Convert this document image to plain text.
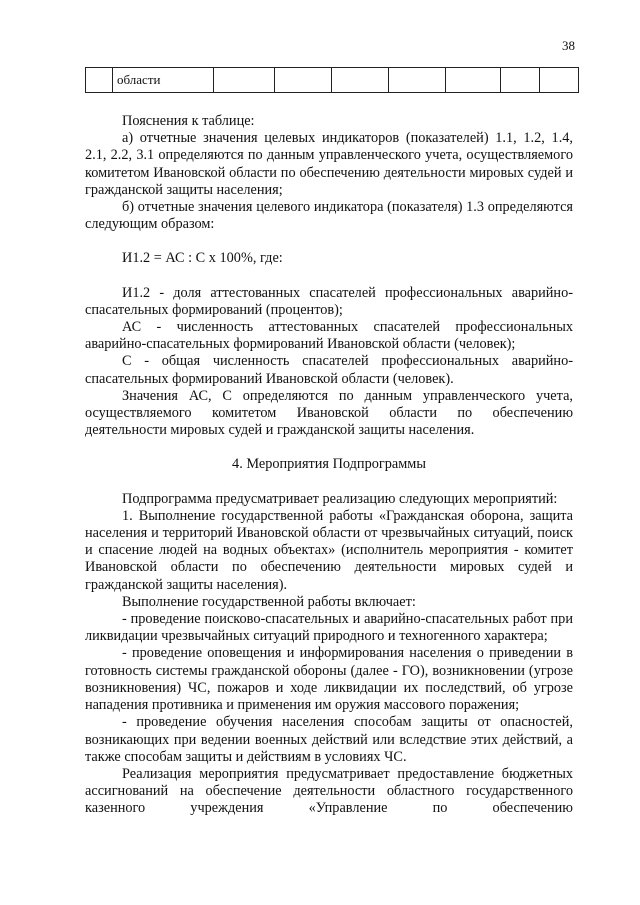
38
	области							

Пояснения к таблице:

а) отчетные значения целевых индикаторов (показателей) 1.1, 1.2, 1.4, 2.1, 2.2, 3.1 определяются по данным управленческого учета, осуществляемого комитетом Ивановской области по обеспечению деятельности мировых судей и гражданской защиты населения;

б) отчетные значения целевого индикатора (показателя) 1.3 определяются следующим образом:

И1.2 = АС : С х 100%, где:

И1.2 - доля аттестованных спасателей профессиональных аварийно-спасательных формирований (процентов);

АС - численность аттестованных спасателей профессиональных аварийно-спасательных формирований Ивановской области (человек);

С - общая численность спасателей профессиональных аварийно-спасательных формирований Ивановской области (человек).

Значения АС, С определяются по данным управленческого учета, осуществляемого комитетом Ивановской области по обеспечению деятельности мировых судей и гражданской защиты населения.

4. Мероприятия Подпрограммы

Подпрограмма предусматривает реализацию следующих мероприятий:

1. Выполнение государственной работы «Гражданская оборона, защита населения и территорий Ивановской области от чрезвычайных ситуаций, поиск и спасение людей на водных объектах» (исполнитель мероприятия - комитет Ивановской области по обеспечению деятельности мировых судей и гражданской защиты населения).

Выполнение государственной работы включает:

- проведение поисково-спасательных и аварийно-спасательных работ при ликвидации чрезвычайных ситуаций природного и техногенного характера;

- проведение оповещения и информирования населения о приведении в готовность системы гражданской обороны (далее - ГО), возникновении (угрозе возникновения) ЧС, пожаров и ходе ликвидации их последствий, об угрозе нападения противника и применения им оружия массового поражения;

- проведение обучения населения способам защиты от опасностей, возникающих при ведении военных действий или вследствие этих действий, а также способам защиты и действиям в условиях ЧС.

Реализация мероприятия предусматривает предоставление бюджетных ассигнований на обеспечение деятельности областного государственного казенного учреждения «Управление по обеспечению
